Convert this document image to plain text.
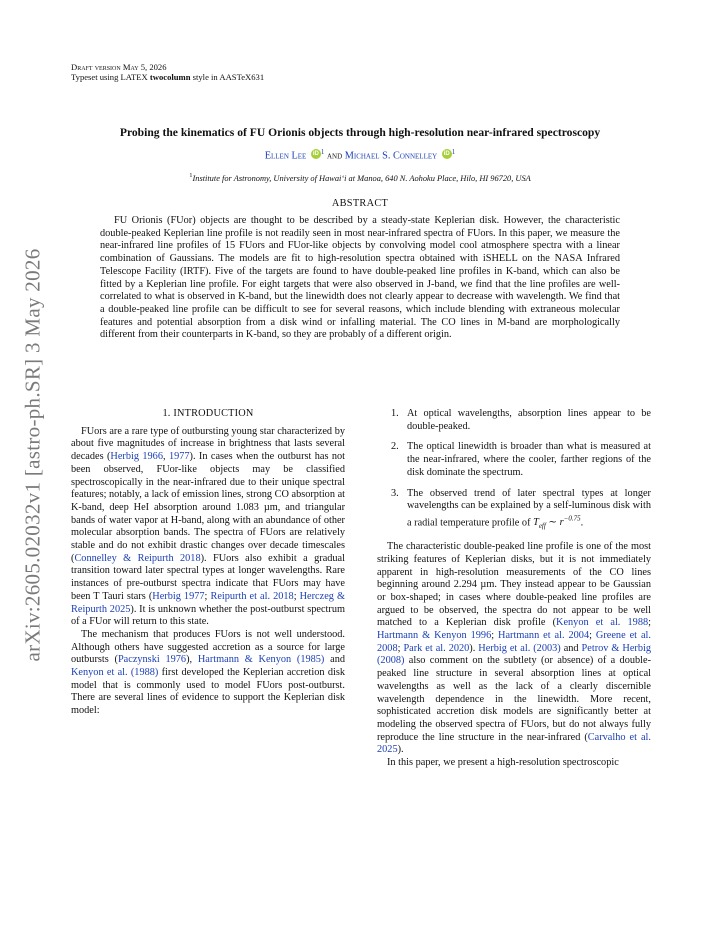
arXiv:2605.02032v1 [astro-ph.SR] 3 May 2026
Draft version May 5, 2026
Typeset using LATEX twocolumn style in AASTeX631
Probing the kinematics of FU Orionis objects through high-resolution near-infrared spectroscopy
Ellen Lee iD $^1$ and Michael S. Connelley iD $^1$
$^1$Institute for Astronomy, University of Hawai‘i at Manoa, 640 N. Aohoku Place, Hilo, HI 96720, USA
ABSTRACT

FU Orionis (FUor) objects are thought to be described by a steady-state Keplerian disk. However, the characteristic double-peaked Keplerian line profile is not readily seen in most near-infrared spectra of FUors. In this paper, we measure the near-infrared line profiles of 15 FUors and FUor-like objects by convolving model cool atmosphere spectra with a linear combination of Gaussians. The models are fit to high-resolution spectra obtained with iSHELL on the NASA Infrared Telescope Facility (IRTF). Five of the targets are found to have double-peaked line profiles in K-band, which can also be fitted by a Keplerian line profile. For eight targets that were also observed in J-band, we find that the line profiles are well-correlated to what is observed in K-band, but the linewidth does not clearly appear to decrease with wavelength. We find that a double-peaked line profile can be difficult to see for several reasons, which include blending with extraneous molecular features and potential absorption from a disk wind or infalling material. The CO lines in M-band are morphologically different from their counterparts in K-band, so they are probably of a different origin.

1. INTRODUCTION

FUors are a rare type of outbursting young star characterized by about five magnitudes of increase in brightness that lasts several decades (Herbig 1966, 1977). In cases when the outburst has not been observed, FUor-like objects may be classified spectroscopically in the near-infrared due to their unique spectral features; notably, a lack of emission lines, strong CO absorption at K-band, deep HeI absorption around 1.083 µm, and triangular bands of water vapor at H-band, along with an abundance of other molecular absorption bands. The spectra of FUors are relatively stable and do not exhibit drastic changes over decade timescales (Connelley & Reipurth 2018). FUors also exhibit a gradual transition toward later spectral types at longer wavelengths. Rare instances of pre-outburst spectra indicate that FUors may have been T Tauri stars (Herbig 1977; Reipurth et al. 2018; Herczeg & Reipurth 2025). It is unknown whether the post-outburst spectrum of a FUor will return to this state.

The mechanism that produces FUors is not well understood. Although others have suggested accretion as a source for large outbursts (Paczynski 1976), Hartmann & Kenyon (1985) and Kenyon et al. (1988) first developed the Keplerian accretion disk model that is commonly used to model FUors post-outburst. There are several lines of evidence to support the Keplerian disk model:

1. At optical wavelengths, absorption lines appear to be double-peaked.
2. The optical linewidth is broader than what is measured at the near-infrared, where the cooler, farther regions of the disk dominate the spectrum.
3. The observed trend of later spectral types at longer wavelengths can be explained by a self-luminous disk with a radial temperature profile of $T_{eff}$ ∼ $r^{-0.75}$.

The characteristic double-peaked line profile is one of the most striking features of Keplerian disks, but it is not immediately apparent in high-resolution measurements of the CO lines beginning around 2.294 µm. They instead appear to be Gaussian or box-shaped; in cases where double-peaked line profiles are argued to be observed, the spectra do not appear to be well matched to a Keplerian disk profile (Kenyon et al. 1988; Hartmann & Kenyon 1996; Hartmann et al. 2004; Greene et al. 2008; Park et al. 2020). Herbig et al. (2003) and Petrov & Herbig (2008) also comment on the subtlety (or absence) of a double-peaked line structure in several absorption lines at optical wavelengths as well as the lack of a clearly discernible wavelength dependence in the linewidth. More recent, sophisticated accretion disk models are significantly better at modeling the observed spectra of FUors, but do not always fully reproduce the line structure in the near-infrared (Carvalho et al. 2025).

In this paper, we present a high-resolution spectroscopic
